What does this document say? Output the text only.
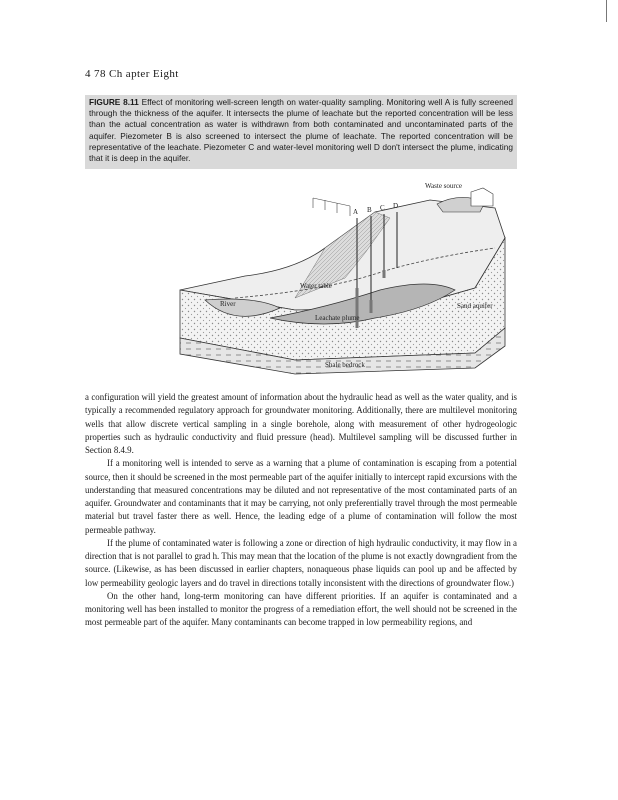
4 78 Ch apter Eight
FIGURE 8.11 Effect of monitoring well-screen length on water-quality sampling. Monitoring well A is fully screened through the thickness of the aquifer. It intersects the plume of leachate but the reported concentration will be less than the actual concentration as water is withdrawn from both contaminated and uncontaminated parts of the aquifer. Piezometer B is also screened to intersect the plume of leachate. The reported concentration will be representative of the leachate. Piezometer C and water-level monitoring well D don't intersect the plume, indicating that it is deep in the aquifer.
Waste source
A B C D
Water table
River	Sand aquifer
Leachate plume
Shale bedrock

a configuration will yield the greatest amount of information about the hydraulic head as well as the water quality, and is typically a recommended regulatory approach for groundwater monitoring. Additionally, there are multilevel monitoring wells that allow discrete vertical sampling in a single borehole, along with measurement of other hydrogeologic properties such as hydraulic conductivity and fluid pressure (head). Multilevel sampling will be discussed further in Section 8.4.9.

If a monitoring well is intended to serve as a warning that a plume of contamination is escaping from a potential source, then it should be screened in the most permeable part of the aquifer initially to intercept rapid excursions with the understanding that measured concentrations may be diluted and not representative of the most contaminated parts of an aquifer. Groundwater and contaminants that it may be carrying, not only preferentially travel through the most permeable material but travel faster there as well. Hence, the leading edge of a plume of contamination will follow the most permeable pathway.

If the plume of contaminated water is following a zone or direction of high hydraulic conductivity, it may flow in a direction that is not parallel to grad h. This may mean that the location of the plume is not exactly downgradient from the source. (Likewise, as has been discussed in earlier chapters, nonaqueous phase liquids can pool up and be affected by low permeability geologic layers and do travel in directions totally inconsistent with the directions of groundwater flow.)

On the other hand, long-term monitoring can have different priorities. If an aquifer is contaminated and a monitoring well has been installed to monitor the progress of a remediation effort, the well should not be screened in the most permeable part of the aquifer. Many contaminants can become trapped in low permeability regions, and
